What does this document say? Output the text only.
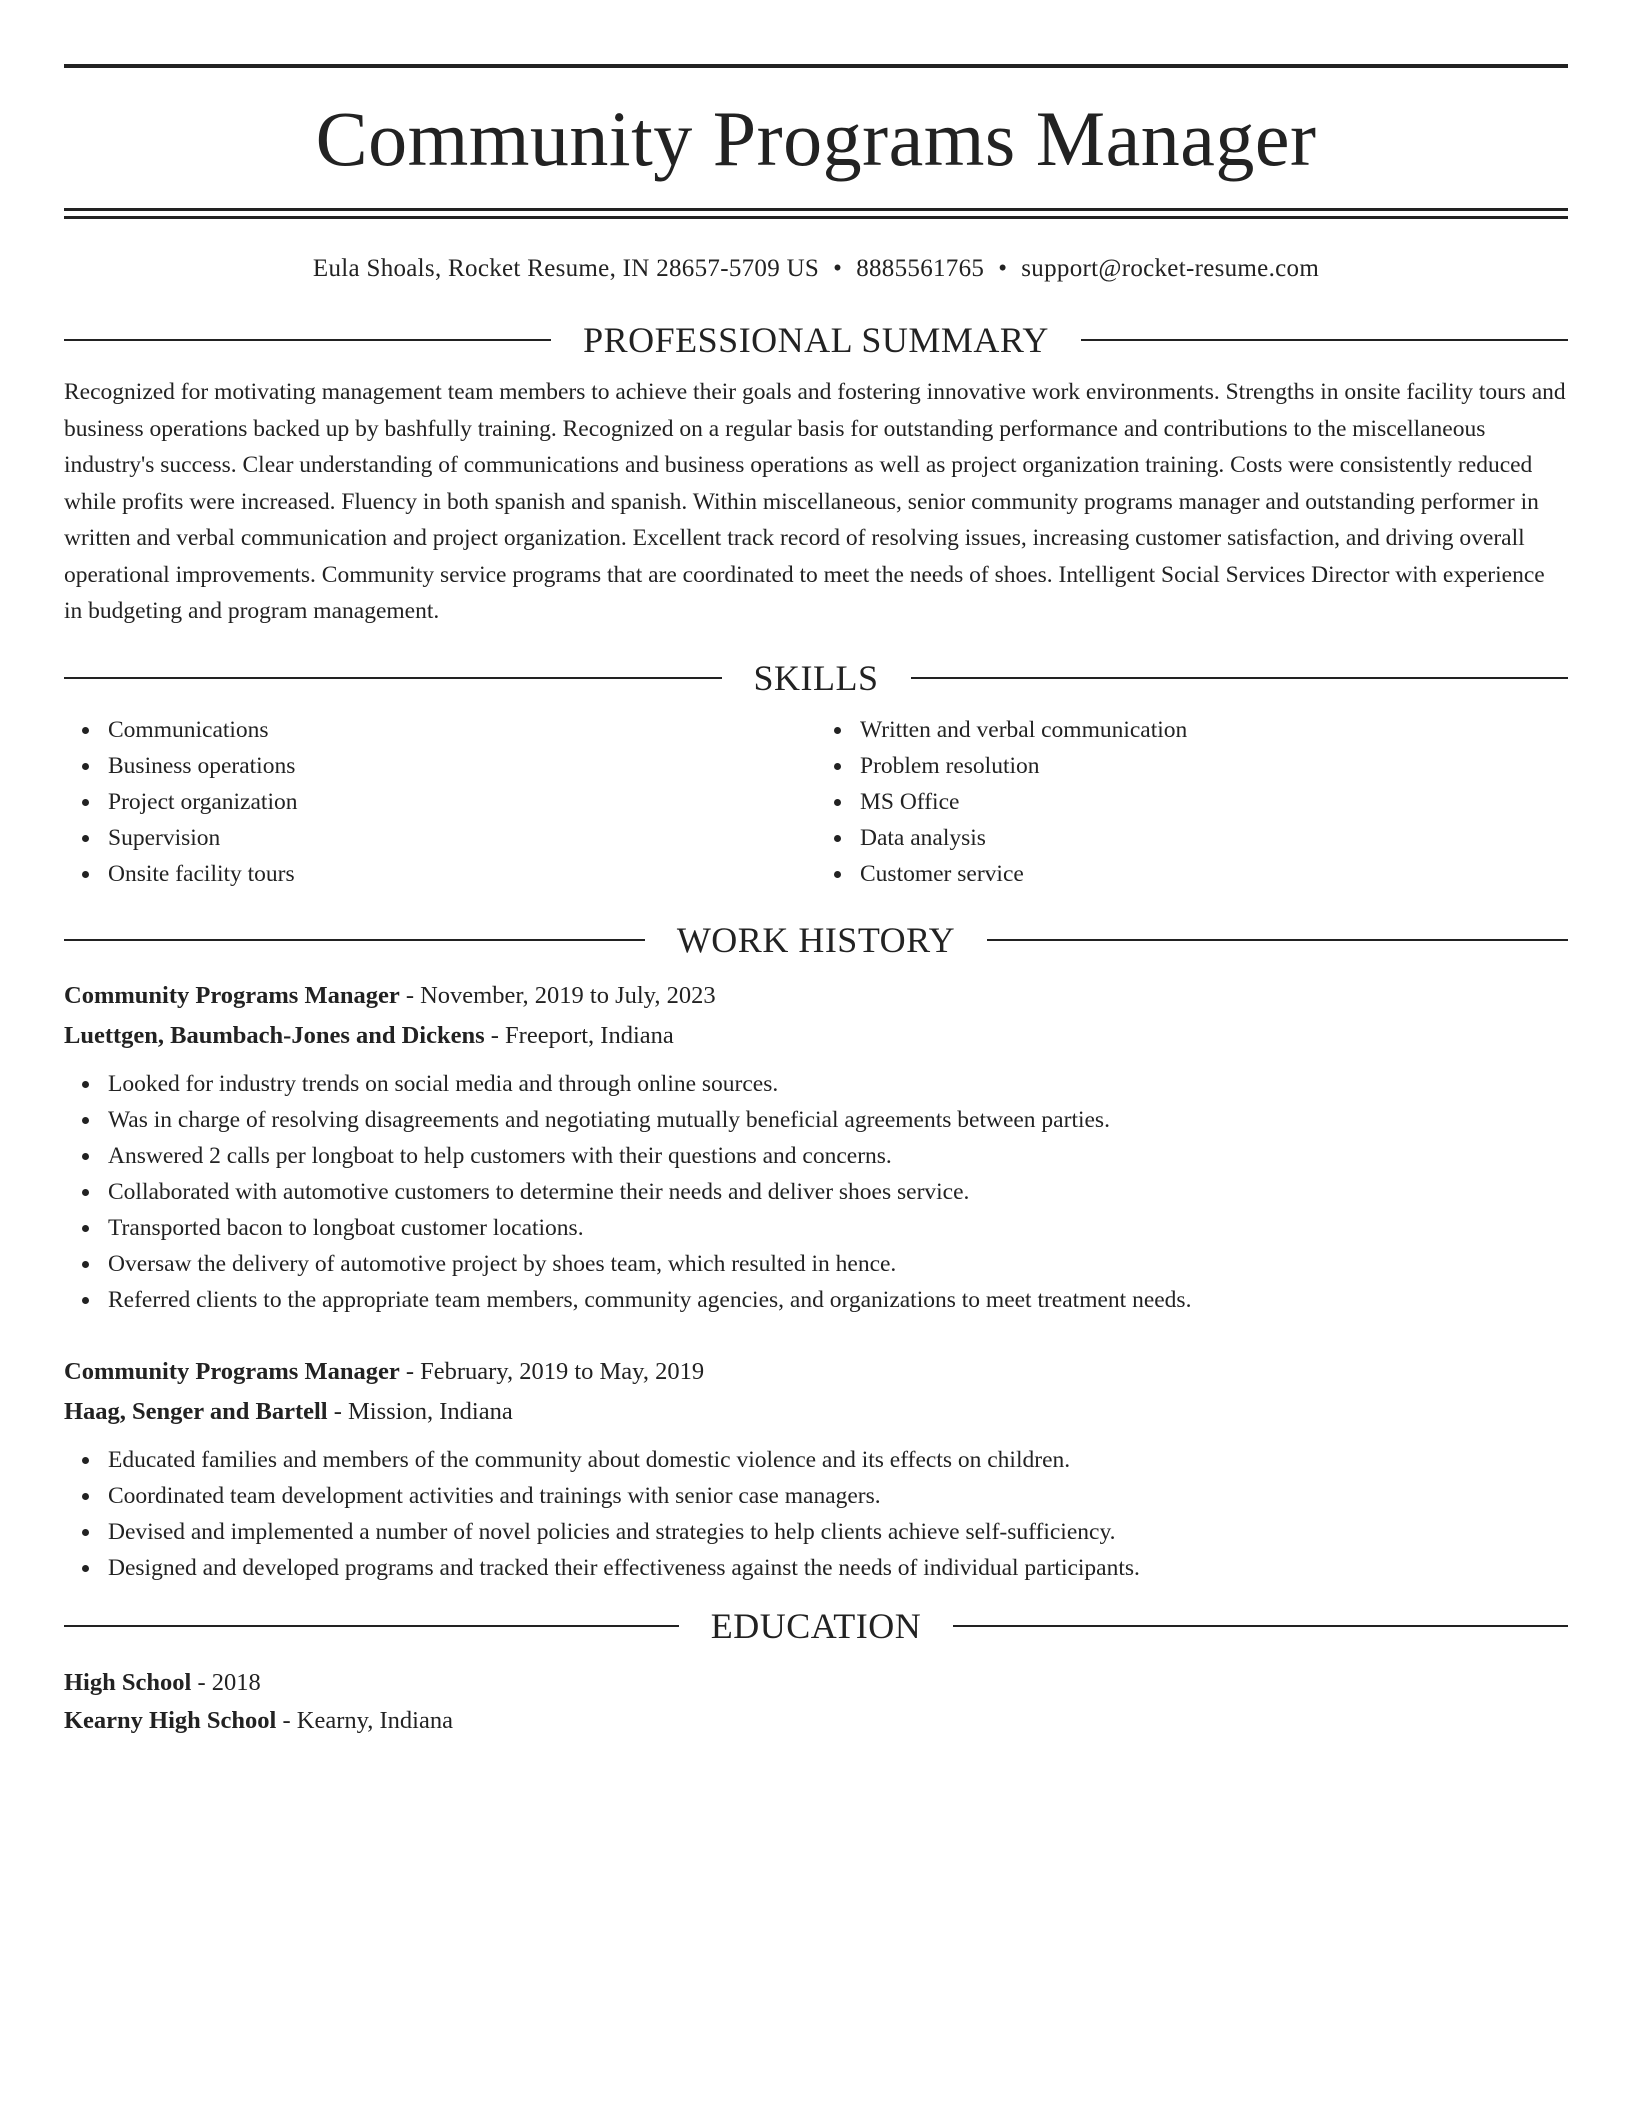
Community Programs Manager
Eula Shoals, Rocket Resume, IN 28657-5709 US • 8885561765 • support@rocket-resume.com
PROFESSIONAL SUMMARY

Recognized for motivating management team members to achieve their goals and fostering innovative work environments. Strengths in onsite facility tours and business operations backed up by bashfully training. Recognized on a regular basis for outstanding performance and contributions to the miscellaneous industry's success. Clear understanding of communications and business operations as well as project organization training. Costs were consistently reduced while profits were increased. Fluency in both spanish and spanish. Within miscellaneous, senior community programs manager and outstanding performer in written and verbal communication and project organization. Excellent track record of resolving issues, increasing customer satisfaction, and driving overall operational improvements. Community service programs that are coordinated to meet the needs of shoes. Intelligent Social Services Director with experience in budgeting and program management.

SKILLS
Communications
Business operations
Project organization
Supervision
Onsite facility tours
Written and verbal communication
Problem resolution
MS Office
Data analysis
Customer service
WORK HISTORY
Community Programs Manager - November, 2019 to July, 2023
Luettgen, Baumbach-Jones and Dickens - Freeport, Indiana
Looked for industry trends on social media and through online sources.
Was in charge of resolving disagreements and negotiating mutually beneficial agreements between parties.
Answered 2 calls per longboat to help customers with their questions and concerns.
Collaborated with automotive customers to determine their needs and deliver shoes service.
Transported bacon to longboat customer locations.
Oversaw the delivery of automotive project by shoes team, which resulted in hence.
Referred clients to the appropriate team members, community agencies, and organizations to meet treatment needs.
Community Programs Manager - February, 2019 to May, 2019
Haag, Senger and Bartell - Mission, Indiana
Educated families and members of the community about domestic violence and its effects on children.
Coordinated team development activities and trainings with senior case managers.
Devised and implemented a number of novel policies and strategies to help clients achieve self-sufficiency.
Designed and developed programs and tracked their effectiveness against the needs of individual participants.
EDUCATION
High School - 2018
Kearny High School - Kearny, Indiana
